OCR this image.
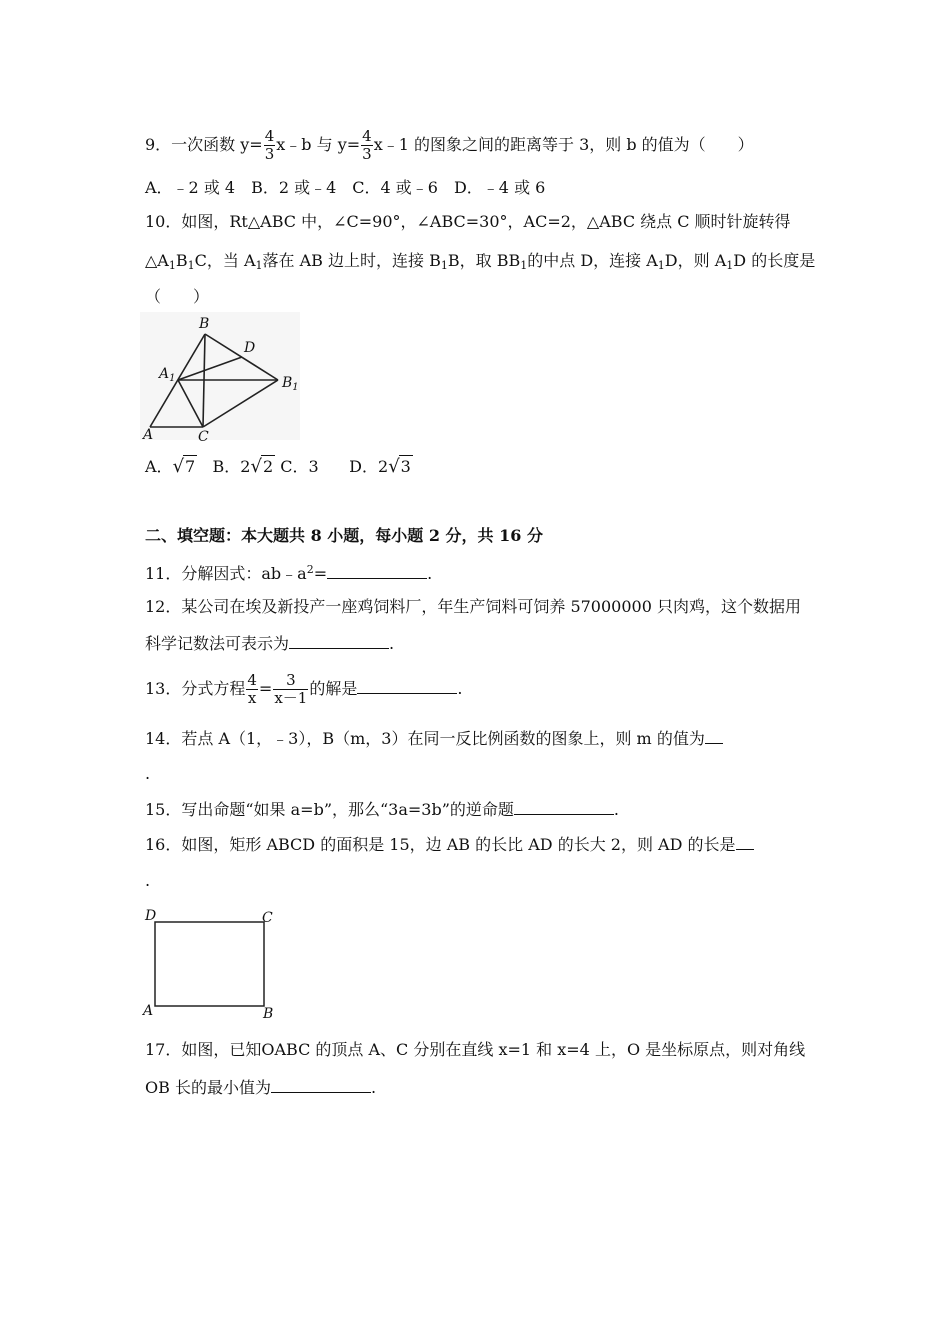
9．一次函数 $y= \frac{4}{3}$ x﹣b 与 $y= \frac{4}{3}$ x﹣1 的图象之间的距离等于 3，则 b 的值为（　　）
A．﹣2 或 4　B．2 或﹣4　C．4 或﹣6　D．﹣4 或 6
10．如图，Rt△ABC 中，∠C=90°，∠ABC=30°，AC=2，△ABC 绕点 C 顺时针旋转得
$\triangle A_1B_1C$，当 $A_1$落在 AB 边上时，连接 $B_1B$，取 $BB_1$的中点 D，连接 $A_1D$，则 $A_1D$ 的长度是
（　　）
B
D
$A_1$	$B_1$
A	C
A．√7 B．2√2 C．3 D．2√3
二、填空题：本大题共 8 小题，每小题 2 分，共 16 分
11．分解因式：$ab﹣a^2=$	.
12．某公司在埃及新投产一座鸡饲料厂，年生产饲料可饲养 57000000 只肉鸡，这个数据用
科学记数法可表示为	.
13．分式方程 $\frac{4}{x} = \frac{3}{x-1}$ 的解是	.
14．若点 A（1，﹣3），B（m，3）在同一反比例函数的图象上，则 m 的值为
.
15．写出命题“如果 a=b”，那么“3a=3b”的逆命题	.
16．如图，矩形 ABCD 的面积是 15，边 AB 的长比 AD 的长大 2，则 AD 的长是
.
D	C
A	B
17．如图，已知OABC 的顶点 A、C 分别在直线 x=1 和 x=4 上，O 是坐标原点，则对角线
OB 长的最小值为	.
